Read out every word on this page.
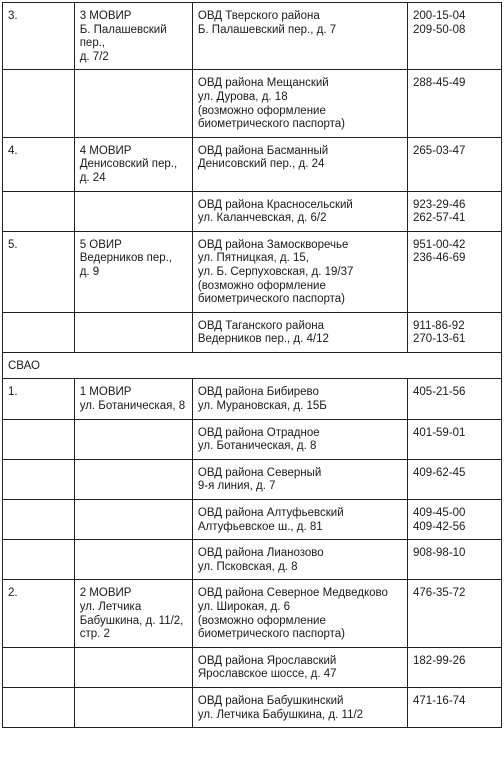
3.	3 МОВИР
Б. Палашевский пер.,
д. 7/2	ОВД Тверского района
Б. Палашевский пер., д. 7	200-15-04
209-50-08
		ОВД района Мещанский
ул. Дурова, д. 18
(возможно оформление
биометрического паспорта)	288-45-49
4.	4 МОВИР
Денисовский пер.,
д. 24	ОВД района Басманный
Денисовский пер., д. 24	265-03-47
		ОВД района Красносельский
ул. Каланчевская, д. 6/2	923-29-46
262-57-41
5.	5 ОВИР
Ведерников пер.,
д. 9	ОВД района Замоскворечье
ул. Пятницкая, д. 15,
ул. Б. Серпуховская, д. 19/37
(возможно оформление
биометрического паспорта)	951-00-42
236-46-69
		ОВД Таганского района
Ведерников пер., д. 4/12	911-86-92
270-13-61
СВАО			
1.	1 МОВИР
ул. Ботаническая, 8	ОВД района Бибирево
ул. Мурановская, д. 15Б	405-21-56
		ОВД района Отрадное
ул. Ботаническая, д. 8	401-59-01
		ОВД района Северный
9-я линия, д. 7	409-62-45
		ОВД района Алтуфьевский
Алтуфьевское ш., д. 81	409-45-00
409-42-56
		ОВД района Лианозово
ул. Псковская, д. 8	908-98-10
2.	2 МОВИР
ул. Летчика
Бабушкина, д. 11/2,
стр. 2	ОВД района Северное Медведково
ул. Широкая, д. 6
(возможно оформление
биометрического паспорта)	476-35-72
		ОВД района Ярославский
Ярославское шоссе, д. 47	182-99-26
		ОВД района Бабушкинский
ул. Летчика Бабушкина, д. 11/2	471-16-74
